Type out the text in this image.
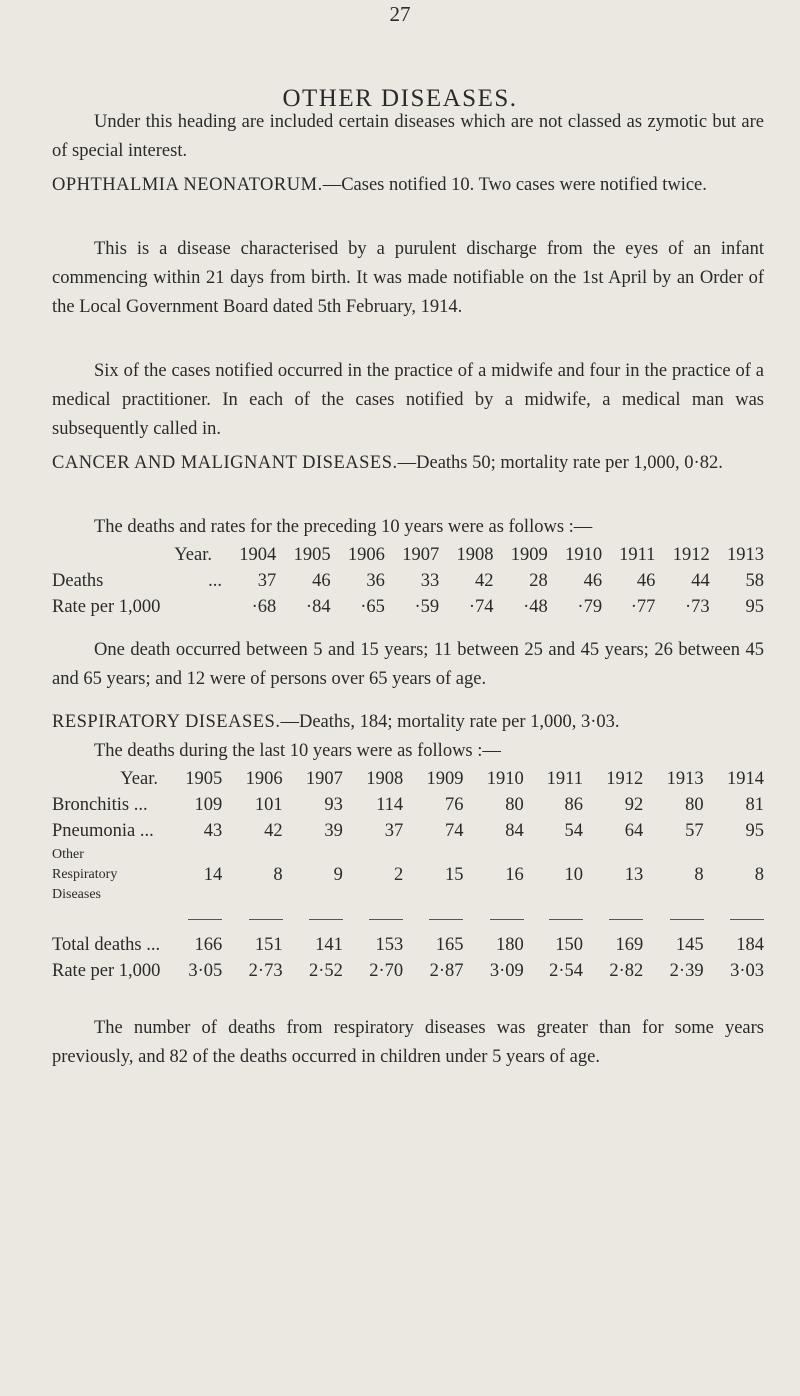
27
OTHER DISEASES.

Under this heading are included certain diseases which are not classed as zymotic but are of special interest.

OPHTHALMIA NEONATORUM.—Cases notified 10. Two cases were notified twice.

This is a disease characterised by a purulent discharge from the eyes of an infant commencing within 21 days from birth. It was made notifiable on the 1st April by an Order of the Local Government Board dated 5th February, 1914.

Six of the cases notified occurred in the practice of a midwife and four in the practice of a medical practitioner. In each of the cases notified by a midwife, a medical man was subsequently called in.

CANCER AND MALIGNANT DISEASES.—Deaths 50; mortality rate per 1,000, 0·82.

The deaths and rates for the preceding 10 years were as follows :—

Year.		1904	1905	1906	1907	1908	1909	1910	1911	1912	1913
Deaths	...	37	46	36	33	42	28	46	46	44	58
Rate per 1,000		·68	·84	·65	·59	·74	·48	·79	·77	·73	95

One death occurred between 5 and 15 years; 11 between 25 and 45 years; 26 between 45 and 65 years; and 12 were of persons over 65 years of age.

RESPIRATORY DISEASES.—Deaths, 184; mortality rate per 1,000, 3·03.

The deaths during the last 10 years were as follows :—

Year.	1905	1906	1907	1908	1909	1910	1911	1912	1913	1914
Bronchitis ...	109	101	93	114	76	80	86	92	80	81
Pneumonia ...	43	42	39	37	74	84	54	64	57	95

Other
Respiratory
Diseases	14	8	9	2	15	16	10	13	8	8

Total deaths ...	166	151	141	153	165	180	150	169	145	184
Rate per 1,000	3·05	2·73	2·52	2·70	2·87	3·09	2·54	2·82	2·39	3·03

The number of deaths from respiratory diseases was greater than for some years previously, and 82 of the deaths occurred in children under 5 years of age.
